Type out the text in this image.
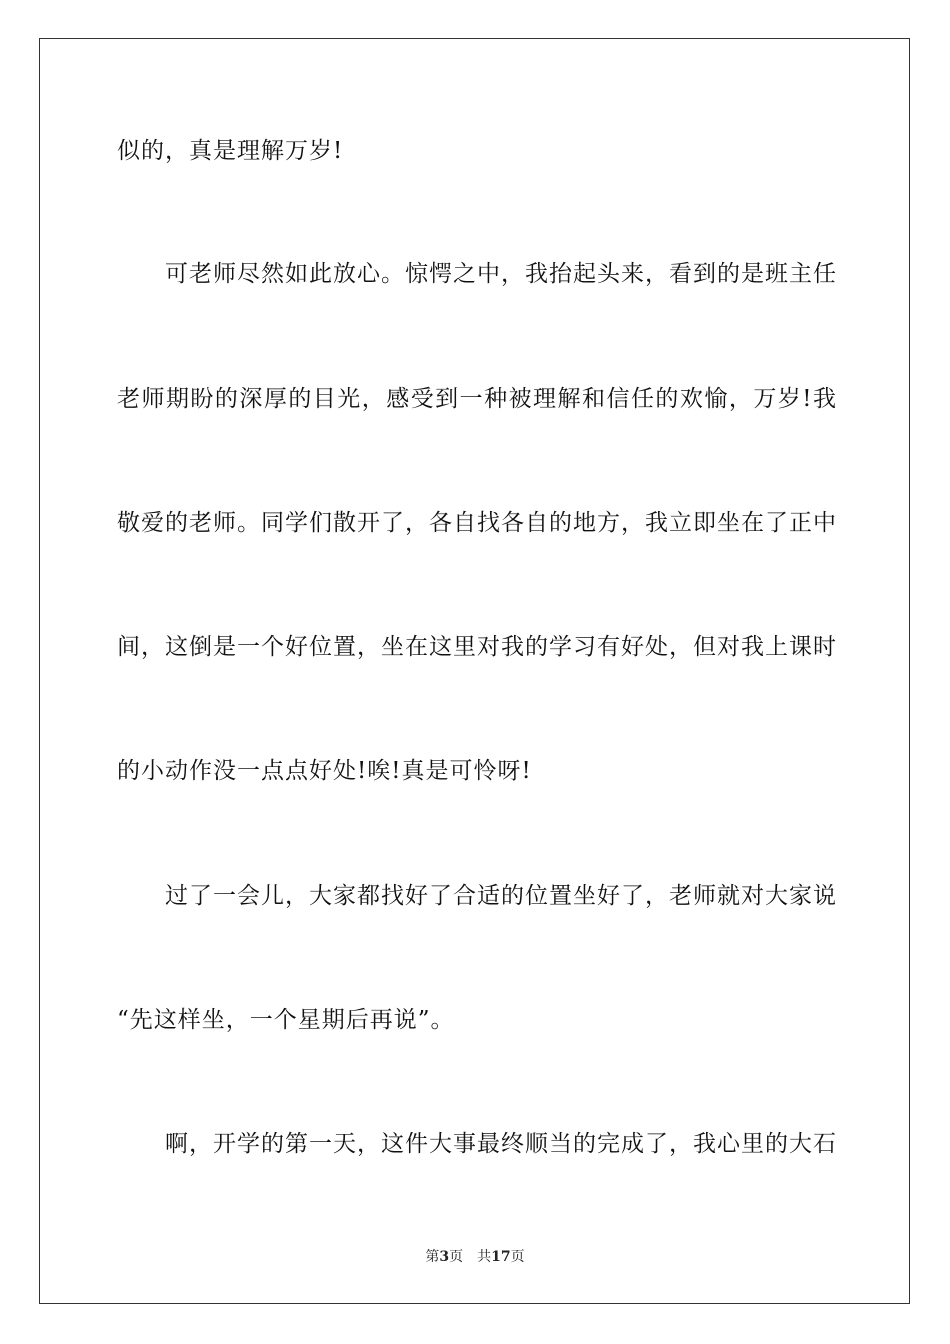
似的，真是理解万岁!
可老师尽然如此放心。惊愕之中，我抬起头来，看到的是班主任
老师期盼的深厚的目光，感受到一种被理解和信任的欢愉，万岁!我
敬爱的老师。同学们散开了，各自找各自的地方，我立即坐在了正中
间，这倒是一个好位置，坐在这里对我的学习有好处，但对我上课时
的小动作没一点点好处!唉!真是可怜呀!
过了一会儿，大家都找好了合适的位置坐好了，老师就对大家说
“先这样坐，一个星期后再说”。
啊，开学的第一天，这件大事最终顺当的完成了，我心里的大石
第3页 共17页
